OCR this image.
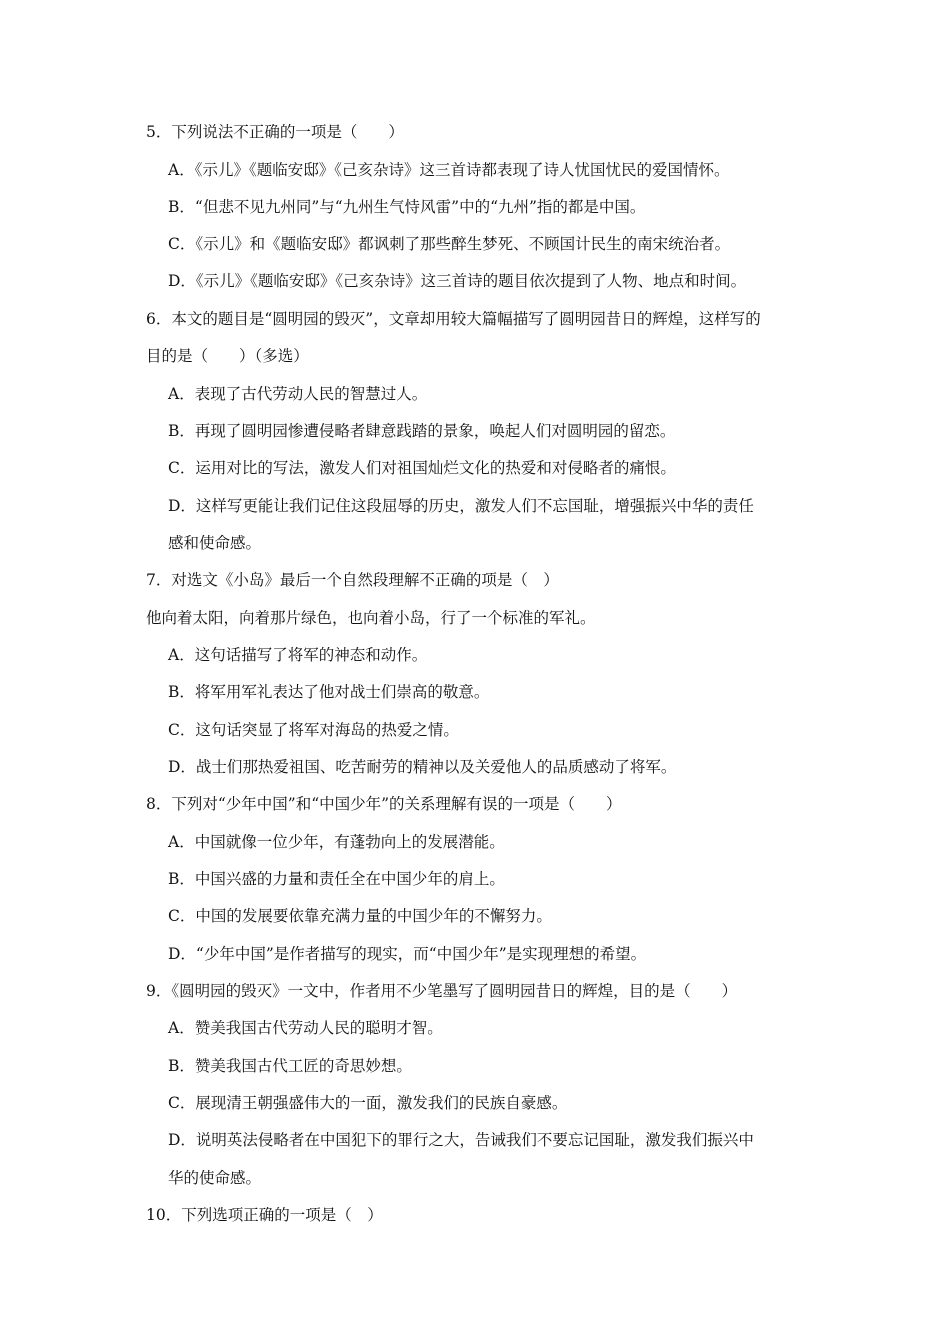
5．下列说法不正确的一项是（　　）
A．《示儿》《题临安邸》《己亥杂诗》这三首诗都表现了诗人忧国忧民的爱国情怀。
B．“但悲不见九州同”与“九州生气恃风雷”中的“九州”指的都是中国。
C．《示儿》和《题临安邸》都讽刺了那些醉生梦死、不顾国计民生的南宋统治者。
D．《示儿》《题临安邸》《己亥杂诗》这三首诗的题目依次提到了人物、地点和时间。
6．本文的题目是“圆明园的毁灭”，文章却用较大篇幅描写了圆明园昔日的辉煌，这样写的
目的是（　　）（多选）
A．表现了古代劳动人民的智慧过人。
B．再现了圆明园惨遭侵略者肆意践踏的景象，唤起人们对圆明园的留恋。
C．运用对比的写法，激发人们对祖国灿烂文化的热爱和对侵略者的痛恨。
D．这样写更能让我们记住这段屈辱的历史，激发人们不忘国耻，增强振兴中华的责任
感和使命感。
7．对选文《小岛》最后一个自然段理解不正确的项是（　）
他向着太阳，向着那片绿色，也向着小岛，行了一个标准的军礼。
A．这句话描写了将军的神态和动作。
B．将军用军礼表达了他对战士们崇高的敬意。
C．这句话突显了将军对海岛的热爱之情。
D．战士们那热爱祖国、吃苦耐劳的精神以及关爱他人的品质感动了将军。
8．下列对“少年中国”和“中国少年”的关系理解有误的一项是（　　）
A．中国就像一位少年，有蓬勃向上的发展潜能。
B．中国兴盛的力量和责任全在中国少年的肩上。
C．中国的发展要依靠充满力量的中国少年的不懈努力。
D．“少年中国”是作者描写的现实，而“中国少年”是实现理想的希望。
9．《圆明园的毁灭》一文中，作者用不少笔墨写了圆明园昔日的辉煌，目的是（　　）
A．赞美我国古代劳动人民的聪明才智。
B．赞美我国古代工匠的奇思妙想。
C．展现清王朝强盛伟大的一面，激发我们的民族自豪感。
D．说明英法侵略者在中国犯下的罪行之大，告诫我们不要忘记国耻，激发我们振兴中
华的使命感。
10．下列选项正确的一项是（　）
